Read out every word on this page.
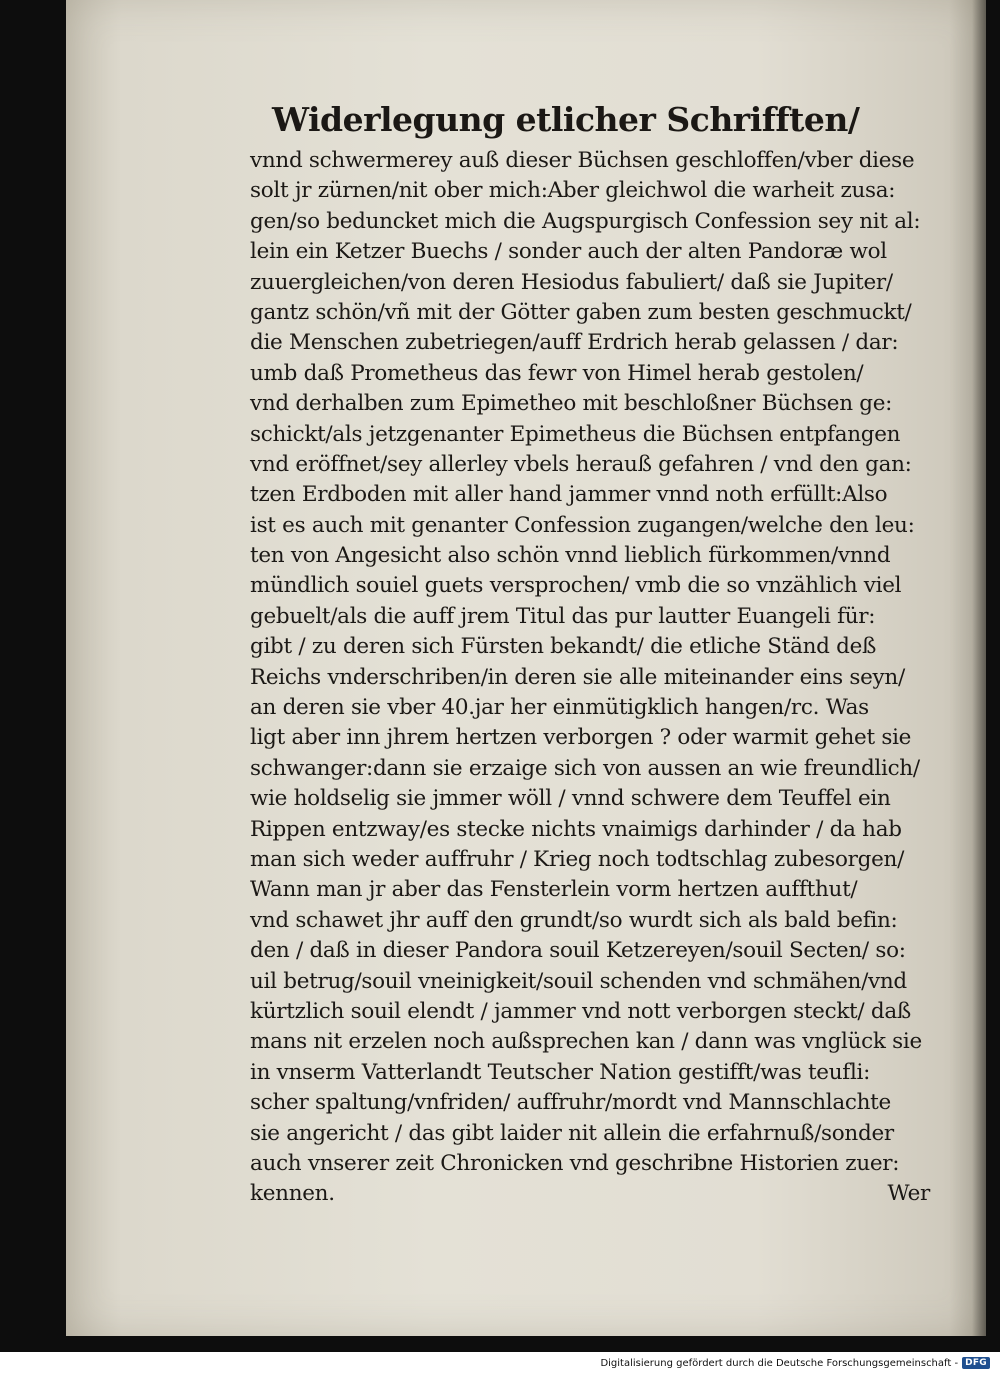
Widerlegung etlicher Schrifften/
vnnd schwermerey auß dieser Büchsen geschloffen/vber diese
solt jr zürnen/nit ober mich:Aber gleichwol die warheit zusa:
gen/so beduncket mich die Augspurgisch Confession sey nit al:
lein ein Ketzer Buechs / sonder auch der alten Pandoræ wol
zuuergleichen/von deren Hesiodus fabuliert/ daß sie Jupiter/
gantz schön/vñ mit der Götter gaben zum besten geschmuckt/
die Menschen zubetriegen/auff Erdrich herab gelassen / dar:
umb daß Prometheus das fewr von Himel herab gestolen/
vnd derhalben zum Epimetheo mit beschloßner Büchsen ge:
schickt/als jetzgenanter Epimetheus die Büchsen entpfangen
vnd eröffnet/sey allerley vbels herauß gefahren / vnd den gan:
tzen Erdboden mit aller hand jammer vnnd noth erfüllt:Also
ist es auch mit genanter Confession zugangen/welche den leu:
ten von Angesicht also schön vnnd lieblich fürkommen/vnnd
mündlich souiel guets versprochen/ vmb die so vnzählich viel
gebuelt/als die auff jrem Titul das pur lautter Euangeli für:
gibt / zu deren sich Fürsten bekandt/ die etliche Ständ deß
Reichs vnderschriben/in deren sie alle miteinander eins seyn/
an deren sie vber 40.jar her einmütigklich hangen/rc. Was
ligt aber inn jhrem hertzen verborgen ? oder warmit gehet sie
schwanger:dann sie erzaige sich von aussen an wie freundlich/
wie holdselig sie jmmer wöll / vnnd schwere dem Teuffel ein
Rippen entzway/es stecke nichts vnaimigs darhinder / da hab
man sich weder auffruhr / Krieg noch todtschlag zubesorgen/
Wann man jr aber das Fensterlein vorm hertzen auffthut/
vnd schawet jhr auff den grundt/so wurdt sich als bald befin:
den / daß in dieser Pandora souil Ketzereyen/souil Secten/ so:
uil betrug/souil vneinigkeit/souil schenden vnd schmähen/vnd
kürtzlich souil elendt / jammer vnd nott verborgen steckt/ daß
mans nit erzelen noch außsprechen kan / dann was vnglück sie
in vnserm Vatterlandt Teutscher Nation gestifft/was teufli:
scher spaltung/vnfriden/ auffruhr/mordt vnd Mannschlachte
sie angericht / das gibt laider nit allein die erfahrnuß/sonder
auch vnserer zeit Chronicken vnd geschribne Historien zuer:
kennen.	Wer
Digitalisierung gefördert durch die Deutsche Forschungsgemeinschaft - DFG
